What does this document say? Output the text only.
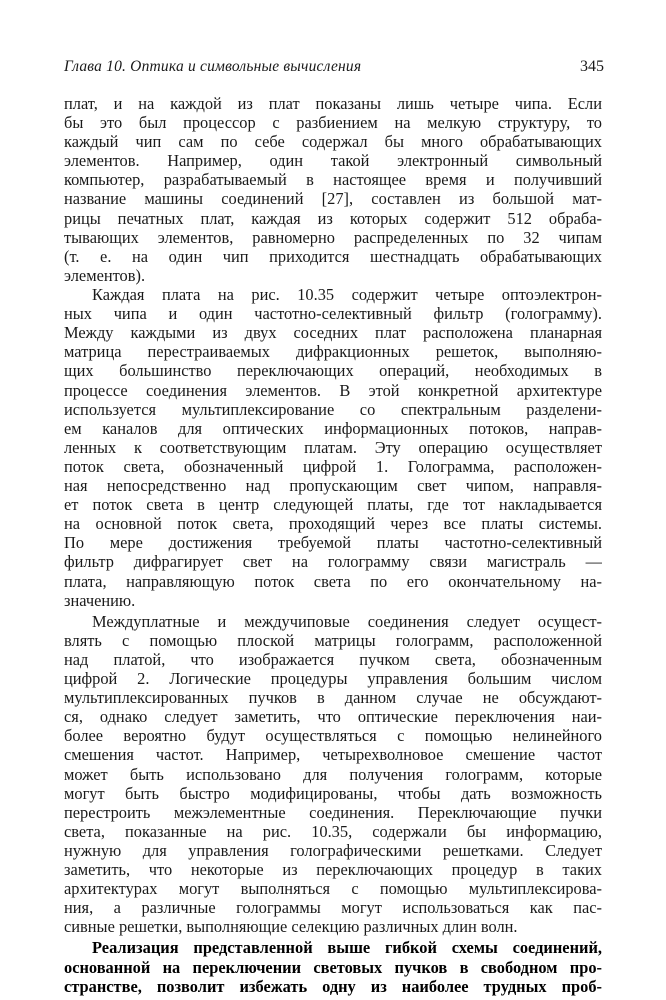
Глава 10. Оптика и символьные вычисления	345
плат, и на каждой из плат показаны лишь четыре чипа. Если
бы это был процессор с разбиением на мелкую структуру, то
каждый чип сам по себе содержал бы много обрабатывающих
элементов. Например, один такой электронный символьный
компьютер, разрабатываемый в настоящее время и получивший
название машины соединений [27], составлен из большой мат-
рицы печатных плат, каждая из которых содержит 512 обраба-
тывающих элементов, равномерно распределенных по 32 чипам
(т. е. на один чип приходится шестнадцать обрабатывающих
элементов).
Каждая плата на рис. 10.35 содержит четыре оптоэлектрон-
ных чипа и один частотно-селективный фильтр (голограмму).
Между каждыми из двух соседних плат расположена планарная
матрица перестраиваемых дифракционных решеток, выполняю-
щих большинство переключающих операций, необходимых в
процессе соединения элементов. В этой конкретной архитектуре
используется мультиплексирование со спектральным разделени-
ем каналов для оптических информационных потоков, направ-
ленных к соответствующим платам. Эту операцию осуществляет
поток света, обозначенный цифрой 1. Голограмма, расположен-
ная непосредственно над пропускающим свет чипом, направля-
ет поток света в центр следующей платы, где тот накладывается
на основной поток света, проходящий через все платы системы.
По мере достижения требуемой платы частотно-селективный
фильтр дифрагирует свет на голограмму связи магистраль —
плата, направляющую поток света по его окончательному на-
значению.
Междуплатные и междучиповые соединения следует осущест-
влять с помощью плоской матрицы голограмм, расположенной
над платой, что изображается пучком света, обозначенным
цифрой 2. Логические процедуры управления большим числом
мультиплексированных пучков в данном случае не обсуждают-
ся, однако следует заметить, что оптические переключения наи-
более вероятно будут осуществляться с помощью нелинейного
смешения частот. Например, четырехволновое смешение частот
может быть использовано для получения голограмм, которые
могут быть быстро модифицированы, чтобы дать возможность
перестроить межэлементные соединения. Переключающие пучки
света, показанные на рис. 10.35, содержали бы информацию,
нужную для управления голографическими решетками. Следует
заметить, что некоторые из переключающих процедур в таких
архитектурах могут выполняться с помощью мультиплексирова-
ния, а различные голограммы могут использоваться как пас-
сивные решетки, выполняющие селекцию различных длин волн.
Реализация представленной выше гибкой схемы соединений,
основанной на переключении световых пучков в свободном про-
странстве, позволит избежать одну из наиболее трудных проб-
